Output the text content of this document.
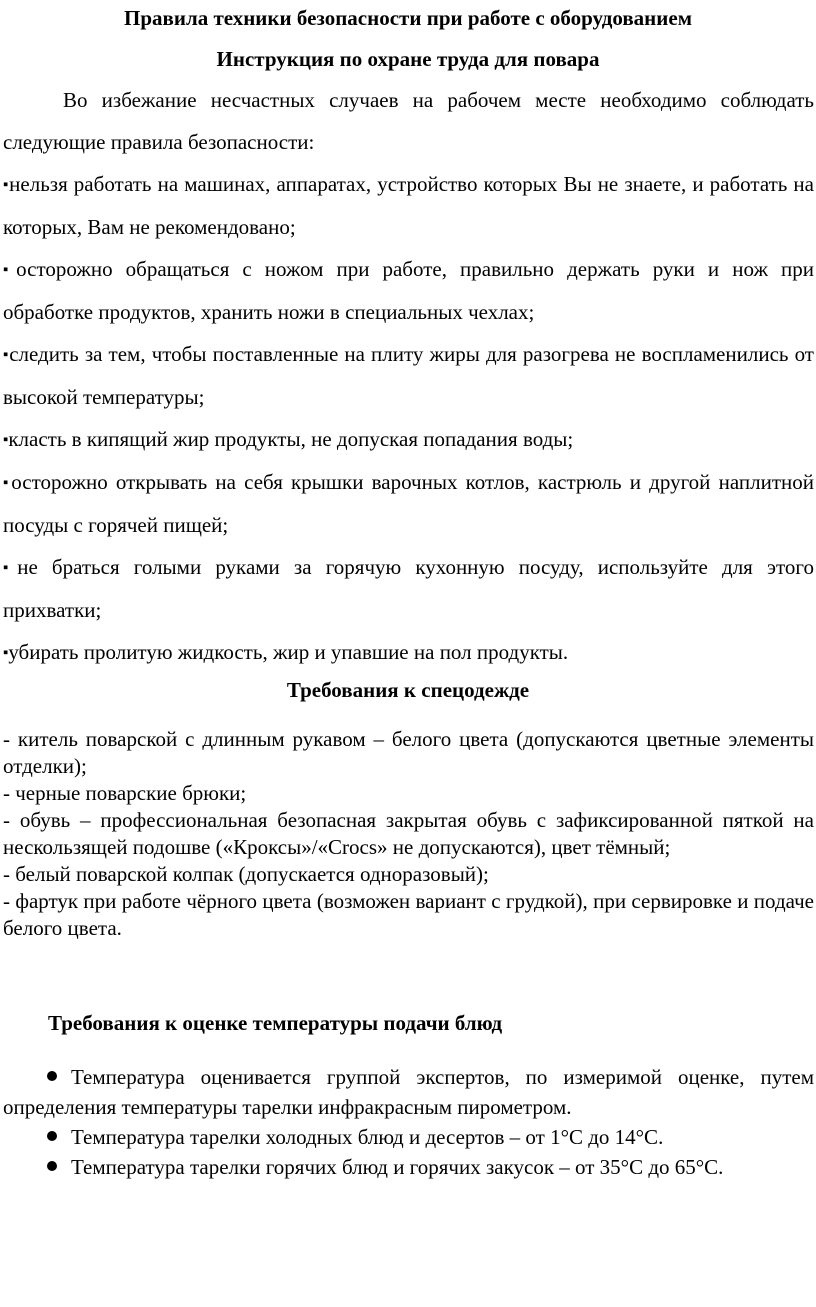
Правила техники безопасности при работе с оборудованием
Инструкция по охране труда для повара

Во избежание несчастных случаев на рабочем месте необходимо соблюдать следующие правила безопасности:

▪нельзя работать на машинах, аппаратах, устройство которых Вы не знаете, и работать на которых, Вам не рекомендовано;

▪осторожно обращаться с ножом при работе, правильно держать руки и нож при обработке продуктов, хранить ножи в специальных чехлах;

▪следить за тем, чтобы поставленные на плиту жиры для разогрева не воспламенились от высокой температуры;

▪класть в кипящий жир продукты, не допуская попадания воды;

▪осторожно открывать на себя крышки варочных котлов, кастрюль и другой наплитной посуды с горячей пищей;

▪не браться голыми руками за горячую кухонную посуду, используйте для этого прихватки;

▪убирать пролитую жидкость, жир и упавшие на пол продукты.

Требования к спецодежде

- китель поварской с длинным рукавом – белого цвета (допускаются цветные элементы отделки);

- черные поварские брюки;

- обувь – профессиональная безопасная закрытая обувь с зафиксированной пяткой на нескользящей подошве («Кроксы»/«Crocs» не допускаются), цвет тёмный;

- белый поварской колпак (допускается одноразовый);

- фартук при работе чёрного цвета (возможен вариант с грудкой), при сервировке и подаче белого цвета.

Требования к оценке температуры подачи блюд

Температура оценивается группой экспертов, по измеримой оценке, путем определения температуры тарелки инфракрасным пирометром.

Температура тарелки холодных блюд и десертов – от 1°С до 14°С.

Температура тарелки горячих блюд и горячих закусок – от 35°С до 65°С.
